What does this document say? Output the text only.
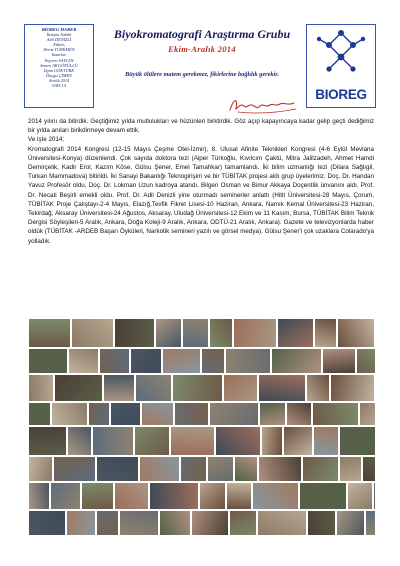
BİOREG HABER
İletişim Sahibi
Adil DENİZLİ
Editör,
Deniz TÜRKMEN
Yazarlar,
Yeşeren SAYLAN
Semra AKGÖNÜLLÜ
İlgim GÖKTÜRK
Duygu ÇİMEN
Aralık 2014
SAYI 14
Biyokromatografi Araştırma Grubu
Ekim-Aralık 2014
Büyük ölülere matem gerekmez, fikirlerine bağlılık gerekir.
BIOREG

2014 yılını da bitirdik. Geçtiğimiz yılda mutlulukları ve hüzünleri birktirdik. Göz açıp kapayıncaya kadar gelip geçti dediğimiz bir yılda anıları birikdirmeye devam ettik.

Ve işte 2014;

Kromatografi 2014 Kongresi (12-15 Mayıs Çeşme Otel-İzmir), 8. Ulusal Afinite Teknikleri Kongresi (4-6 Eylül Mevlana Üniversitesi-Konya) düzenlendi. Çok sayıda doktora tezi (Alper Türkoğlu, Kıvılcım Çaktü, Mitra Jalilzadeh, Ahmet Hamdi Demirçelik, Kadir Erol, Kazım Köse, Gülsu Şener, Emel Tamahkar) tamamlandı. İki bilim uzmanlığı tezi (Dilara Sağlıgil, Turkan Mammadova) bitirildi. İki Sanayi Bakanlığı Teknogirişim ve bir TÜBİTAK projesi aldı grup üyelerimiz. Doç. Dr. Handan Yavuz Profesör oldu, Doç. Dr. Lokman Uzun kadroya atandı. Bilgen Osman ve Bimur Akkaya Doçentlik ünvanını aldı. Prof. Dr. Necati Beşirli emekli oldu. Prof. Dr. Adil Denizli yine oturmadı seminerler anlattı (Hitit Üniversitesi-28 Mayıs, Çorum, TÜBİTAK Proje Çalıştayı-2-4 Mayıs, Elazığ,Tevfik Fikret Lisesi-10 Haziran, Ankara, Namık Kemal Üniversitesi-23 Haziran, Tekirdağ, Aksaray Üniversitesi-24 Ağustos, Aksaray, Uludağ Üniversitesi-12 Ekim ve 11 Kasım, Bursa, TÜBİTAK Bilim Teknik Dergisi Söyleşileri-5 Aralık, Ankara, Doğa Koleji-9 Aralık, Ankara, ODTÜ-21 Aralık, Ankara). Gazete ve televizyonlarda haber oldük (TÜBİTAK -ARDEB Başarı Öyküleri, Narkotik semineri yazılı ve görsel medya). Gülsu Şener'i çok uzaklara Colarado'ya yolladık.
